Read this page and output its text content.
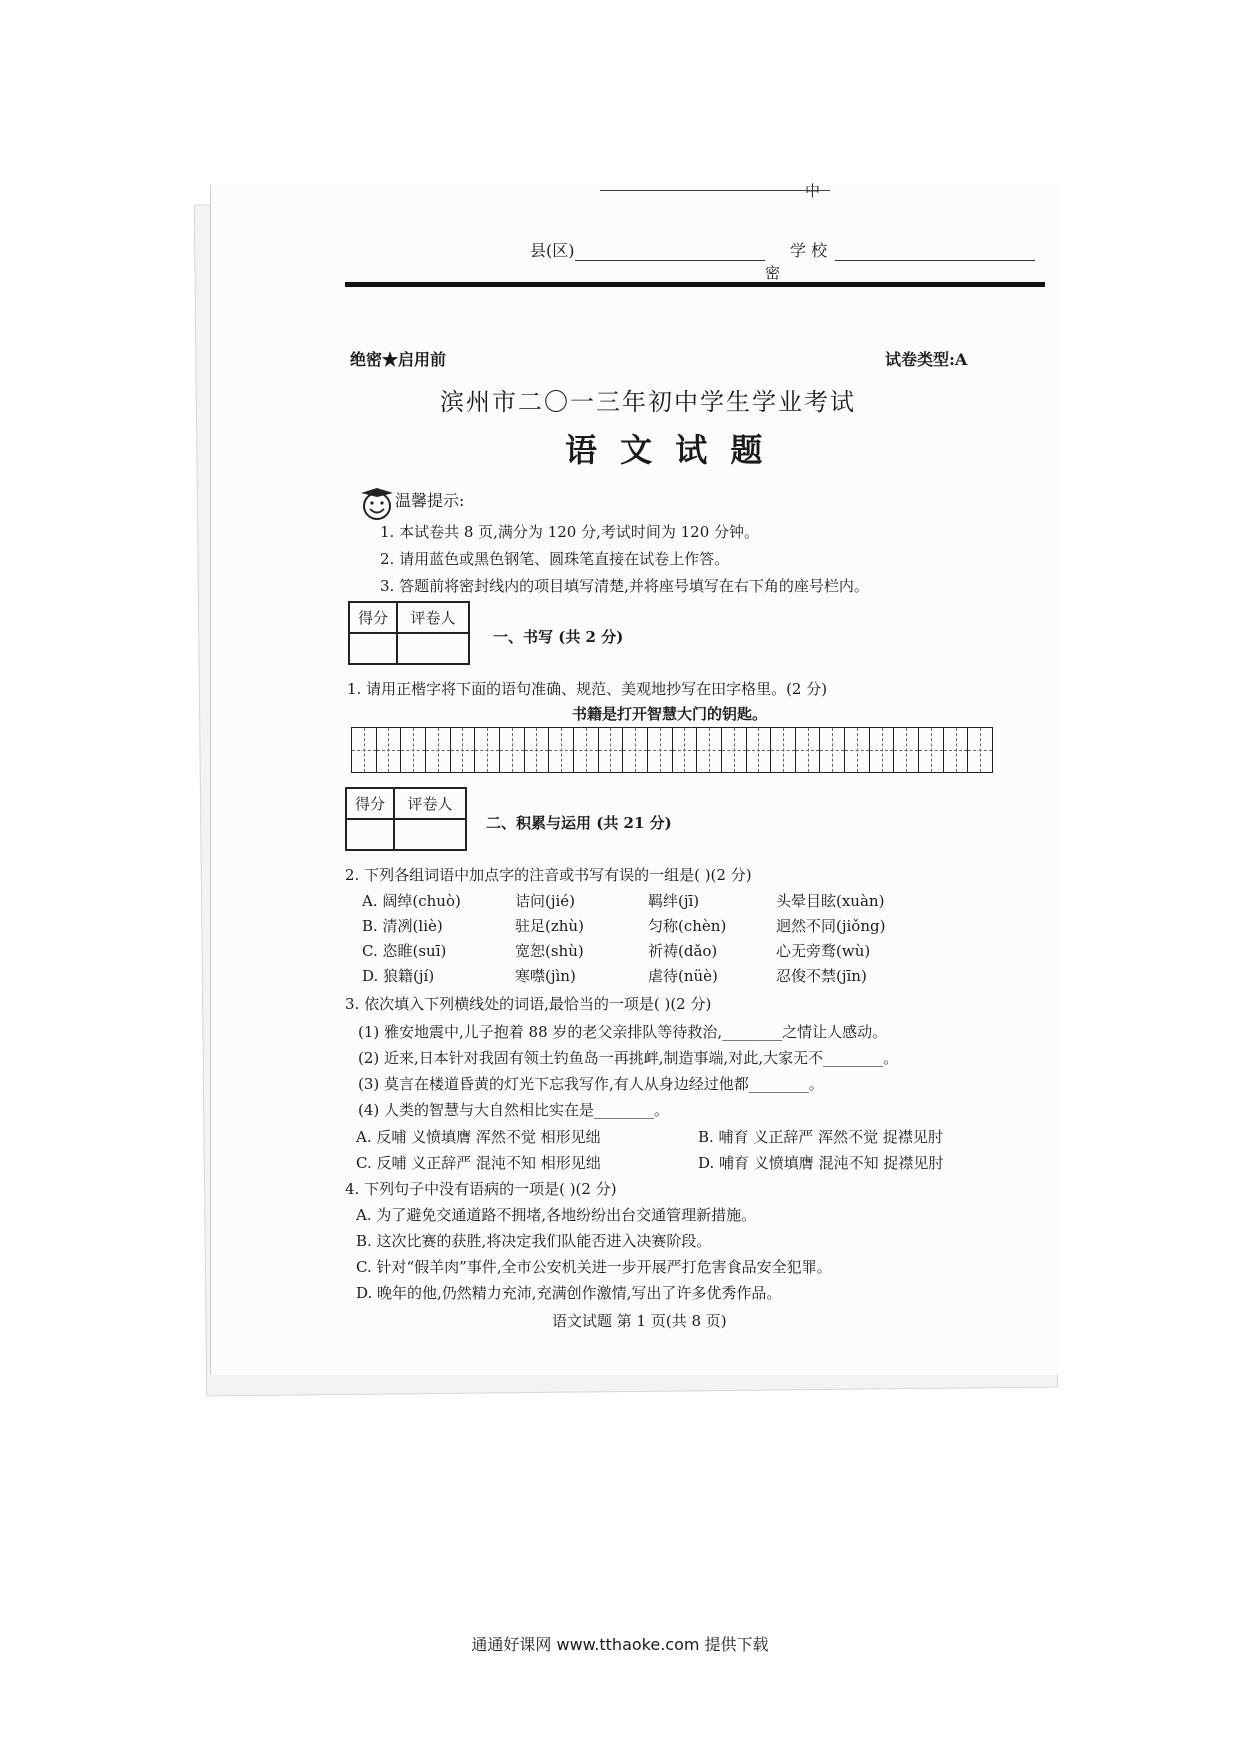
中
县(区)	学 校
密
绝密★启用前	试卷类型:A
滨州市二〇一三年初中学生学业考试
语 文 试 题
温馨提示:
1. 本试卷共 8 页,满分为 120 分,考试时间为 120 分钟。
2. 请用蓝色或黑色钢笔、圆珠笔直接在试卷上作答。
3. 答题前将密封线内的项目填写清楚,并将座号填写在右下角的座号栏内。
得分	评卷人
一、书写 (共 2 分)
1. 请用正楷字将下面的语句准确、规范、美观地抄写在田字格里。(2 分)
书籍是打开智慧大门的钥匙。
得分	评卷人
二、积累与运用 (共 21 分)
2. 下列各组词语中加点字的注音或书写有误的一组是( )(2 分)
A. 阔绰(chuò)	诘问(jié)	羁绊(jī)	头晕目眩(xuàn)
B. 清冽(liè)	驻足(zhù)	匀称(chèn)	迥然不同(jiǒng)
C. 恣睢(suī)	宽恕(shù)	祈祷(dǎo)	心无旁骛(wù)
D. 狼籍(jí)	寒噤(jìn)	虐待(nüè)	忍俊不禁(jīn)
3. 依次填入下列横线处的词语,最恰当的一项是( )(2 分)
(1) 雅安地震中,儿子抱着 88 岁的老父亲排队等待救治,________之情让人感动。
(2) 近来,日本针对我固有领土钓鱼岛一再挑衅,制造事端,对此,大家无不________。
(3) 莫言在楼道昏黄的灯光下忘我写作,有人从身边经过他都________。
(4) 人类的智慧与大自然相比实在是________。
A. 反哺 义愤填膺 浑然不觉 相形见绌	B. 哺育 义正辞严 浑然不觉 捉襟见肘
C. 反哺 义正辞严 混沌不知 相形见绌	D. 哺育 义愤填膺 混沌不知 捉襟见肘
4. 下列句子中没有语病的一项是( )(2 分)
A. 为了避免交通道路不拥堵,各地纷纷出台交通管理新措施。
B. 这次比赛的获胜,将决定我们队能否进入决赛阶段。
C. 针对“假羊肉”事件,全市公安机关进一步开展严打危害食品安全犯罪。
D. 晚年的他,仍然精力充沛,充满创作激情,写出了许多优秀作品。
语文试题 第 1 页(共 8 页)
通通好课网 www.tthaoke.com 提供下载
